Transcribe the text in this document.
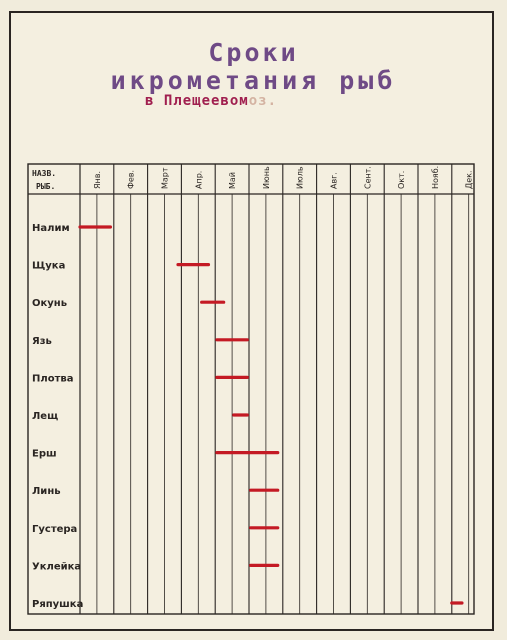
Сроки
икрометания рыб
в Плещеевомоз.
НАЗВ.
РЫБ.	Янв.	Фев.	Март	Апр.	Май	Июнь	Июль	Авг.	Сент.	Окт.	Нояб.	Дек.
Налим
Щука
Окунь
Язь
Плотва
Лещ
Ерш
Линь
Густера
Уклейка
Ряпушка
